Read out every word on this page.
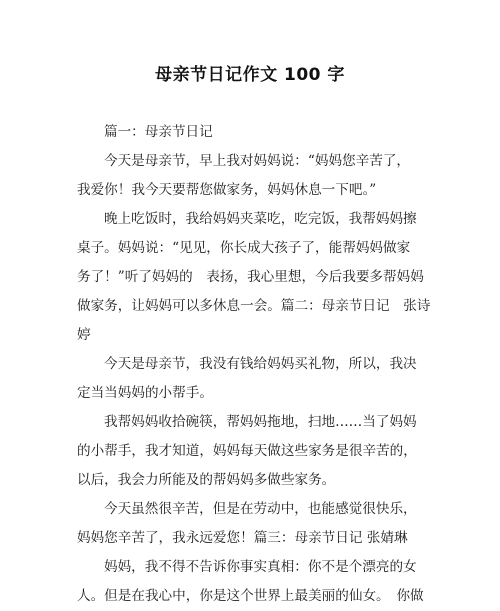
母亲节日记作文 100 字
篇一：母亲节日记
今天是母亲节，早上我对妈妈说：“妈妈您辛苦了，
我爱你！我今天要帮您做家务，妈妈休息一下吧。”
晚上吃饭时，我给妈妈夹菜吃，吃完饭，我帮妈妈擦
桌子。妈妈说：“见见，你长成大孩子了，能帮妈妈做家
务了！”听了妈妈的　表扬，我心里想，今后我要多帮妈妈
做家务，让妈妈可以多休息一会。篇二：母亲节日记　张诗
婷
今天是母亲节，我没有钱给妈妈买礼物，所以，我决
定当当妈妈的小帮手。
我帮妈妈收拾碗筷，帮妈妈拖地，扫地……当了妈妈
的小帮手，我才知道，妈妈每天做这些家务是很辛苦的，
以后，我会力所能及的帮妈妈多做些家务。
今天虽然很辛苦，但是在劳动中，也能感觉很快乐，
妈妈您辛苦了，我永远爱您！篇三：母亲节日记 张婧琳
妈妈，我不得不告诉你事实真相：你不是个漂亮的女
人。但是在我心中，你是这个世界上最美丽的仙女。　你做
